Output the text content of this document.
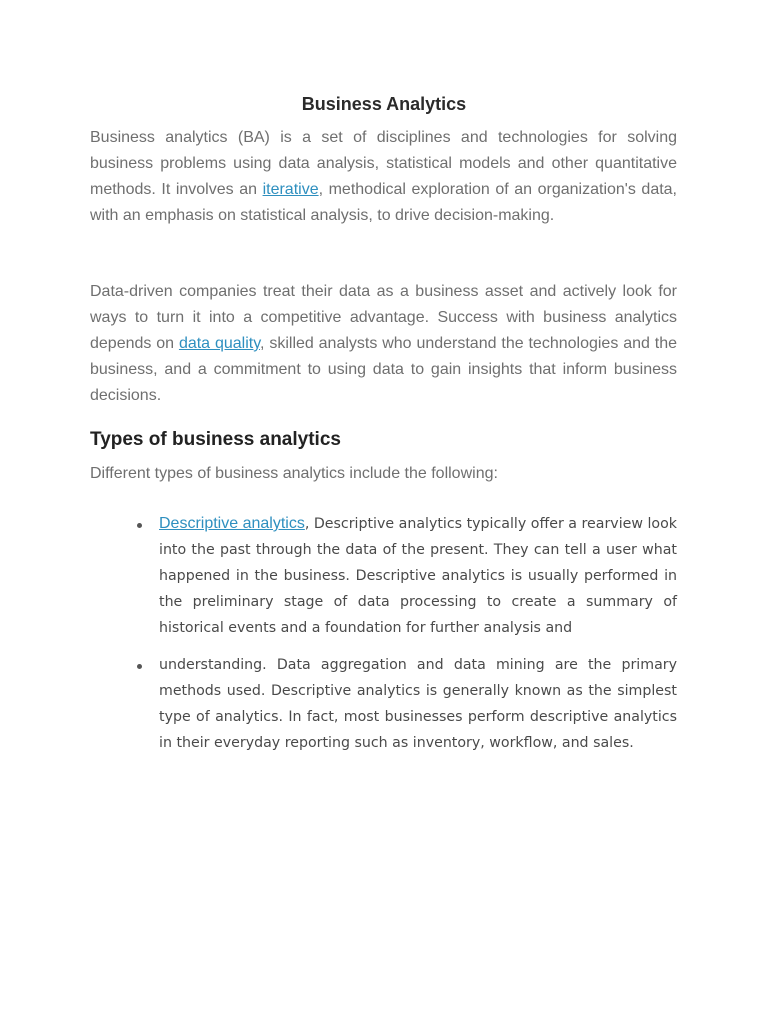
Business Analytics

Business analytics (BA) is a set of disciplines and technologies for solving business problems using data analysis, statistical models and other quantitative methods. It involves an iterative, methodical exploration of an organization's data, with an emphasis on statistical analysis, to drive decision-making.

Data-driven companies treat their data as a business asset and actively look for ways to turn it into a competitive advantage. Success with business analytics depends on data quality, skilled analysts who understand the technologies and the business, and a commitment to using data to gain insights that inform business decisions.

Types of business analytics

Different types of business analytics include the following:

Descriptive analytics, Descriptive analytics typically offer a rearview look into the past through the data of the present. They can tell a user what happened in the business. Descriptive analytics is usually performed in the preliminary stage of data processing to create a summary of historical events and a foundation for further analysis and

understanding. Data aggregation and data mining are the primary methods used. Descriptive analytics is generally known as the simplest type of analytics. In fact, most businesses perform descriptive analytics in their everyday reporting such as inventory, workflow, and sales.
